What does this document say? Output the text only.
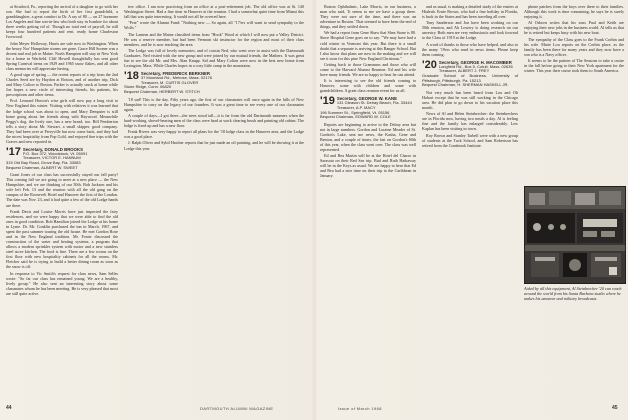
at Stratford, Pa., reporting the arrival of a daughter to go with her son. She had to report the birth of her first grandchild, a granddaughter, a great comfort to Dr. A ray of 80 — on 27 hormone Los Angeles and fine son-in-law who both stay in Ivanhoe for about three weeks getting rid of. Though no total end of payroll, he still keeps four hundred patients and rent. ready home Charleston Ivorwood.

John Meyer Holloway, Harris are safe now in Washington. When the heavy Nor' Hampshire storms are gone, Grace Hill Sooner was a decent and real job in Maine. North Hampton will stay in New York for a home in Warfield. Cliff Howell thoughtfully has sent good Spring Carnival items on 1929 and 1965 snow flakes, and all other class memories will appreciate having.

A good sign of spring — the recent reports of a trip from the 2nd Charles Seed are by Haydon at Boston, and of another trip, Dick and Mary Colton to Boston. Parker is actually stuck at home while Joe hopes a new circle of interesting friends, his patients, his prescriptions and other items.

Prof. Leonard Horton's wise girls will now pay a long visit to New England this winter. Visiting with relatives it was learned that the lodge school was about to open, and Mary Dempster is still home going about her friends along with Haywood. Meanwhile Peggy's dog, the lively one, has a new bread, too. Bill Pemberton tells a story about Mr. Stewart, a small skipper, good company. They had been over at Perryville but now come back, and they had the nicest hospitality from Pop Gold, and enjoyed fine trips with the Graves and new reported in.

'17 Secretary, DONALD BROOKS
P.O. Box 372, Woodstock, Vt. 05091
Treasurer, VICTOR E. HANNUM
315 Old Bay Road, Grove Bay, Fla. 33083
Bequest Chairman, ALBERT W. SWEET

Grant Jones of our class has successfully stayed our fall party! This coming fall we are going to meet at a new place — the New Hampshire, and we are thinking of our 50th. Bob Jackson and his wife left Feb. 13 and the reunion with all the old gang on the campus of the Roosevelt Hotel and Hanover the first of the London. The date was Nov. 23, and it had quite a few of the old Lodge hands are there.

Frank Davis and Louise Morris have just inspected the fairy residences, and we were happy that we were able to find the old ones in good condition. Bob Hamilton joined the Lodge at his home in Lyme. Dr. Mr. Conklin purchased the inn in March, 1967, and spent the past summer touring the old house. He met Gordon Rose and in the New England tradition. Mr. Foster discussed the construction of the water and heating systems, a program that allows a modern sprinkler system with motor and a new stainless steel stove kitchen. The food is fine. There are a few rooms on the first floor with new hospitality cabinets for all the rooms. Mr. Fletcher said he is trying to build a better dining room as soon as the snow is off.

In response to Vic Smith's request for class news, Sam Selles wrote: "So far our class has remained young. We are a healthy, lively group." He also sent an interesting story about some classmates whom he has been meeting. He is very pleased that most are still quite active.

tew office. I am now practicing from an office at a post-retirement job. The old office was at St. 140 Washington Street. Had a fine time in Hanover at the reunion. I had a somewhat quiet time from Miami this fall that was quite interesting. It would not all be covered here.

"Pete" wrote the Alumni Fund: "Nothing new — So again, all "17'ers will want to send sympathy to the Wolfs."

The Lantern and the Maine classified items from "Hook" Wood at which I will now put a Valley District. He was a reserve member, but had been Vermont ski instructor for the region and most of their class members, and he is now teaching the area.

The Lodge was full of lovely memories, and of cousin Ned, who went over to assist with the Dartmouth Graduates. Ned visited with the new group and were joined by our mutual friends, the Mathers. It was great fun to see the old Mr. and Mrs. Alan Knapp. Sid and Mary Colton were now in the best new home from Lexington, Mass. While Charles hopes in a cozy little camp in the mountains.

'18 Secretary, FREDERICK BERKNER
37 Moorland Rd., Melrose, Mass. 02176
Treasurer, M. CURTIS GLOVER
Stone Ridge, Conn. 06820
Bequest Chairman, HERBERT W. STITCH

'18 sad! This is the day. Fifty years ago, the first of our classmates will once again in the hills of New Hampshire to carry on the legacy of our founders. It was a great time to see every one of our classmates again.

A couple of days—I got there—the trees stood tall—it is far from the old Dartmouth summers when the hard-working, shovel-bearing men of the class were hard at work clearing brush and painting old cabins. The lodge is fixed up and has a new floor.

Frank Rivers was very happy to report all plans for the '18 lodge class in the Hanover area, and the Lodge was a good place.

J. Ralph Oliver and Sybil Hatcher reports that he just made an oil painting, and he will be showing it at the Lodge this year.

Boston Ophthalmic, Lake Morris, in our business, a man who said, 'It seems to me we have a group there. They were not sure of the time, and there was an adventure in Boston.' That seemed to have been the end of things, and they settled down.

We had a report from Gene Shaw that Shea Stone is 80. Since Hospital Gene goes on to say: "We may have had a cold winter in Vermont this year. But there is a small doubt that a separate is arriving at this Ranger School. But I also know that plans are now in the making and we will see it soon for this pine New England Christmas."

Getting back to those Grammars and those who will come to the Harvard Alumni Reunion: Ed and his wife have many friends. We are so happy to hear he can attend.

It is interesting to see the old friends coming to Hanover, some with children and some with grandchildren. A great class reunion event for us all.

'19 Secretary, GEORGE W. KANE
131 Gleason St. Delray Beach, Fla. 33444
Treasurer, A.P. MACY
196 Summer St., Springfield, Vt. 05156
Bequest Chairman, EDWARD W. COLE

Reports are beginning to arrive to the Delray area but not in large numbers. Gordon and Loraine Meader of St. Gordon's Lake, sent me news, the Kasha, Gene and Benton, and a couple of times, the last on Gordon's 60th of this year, when the class went over. The class was well represented.

Ed and Bea Martin will be at the Hotel del Charro in Sarasota on their Red Sea trip. Bud and Ruth Hathaway will be in the Keys as usual. We are happy to hear that Ed and Bea had a nice time on their trip to the Caribbean in January.

and as usual, is making a detailed study of the entries at Hialeah. Ernie Brown, who had a fine holiday in Florida, is back in the States and has been traveling all over.

Tony Sanderson and Jon have been working on our 50th reunion, and Ab Lowery is doing research on our ancestry. Both men are very enthusiastic and look forward to the Class of 1919 at the Lodge.

A word of thanks to those who have helped, and also to the many '19ers who send in news items. Please keep them coming.

'20 Secretary, GEORGE H. MACOMBER
Longfield Rd., Box 5, Cotuit, Mass. 02635
Treasurer, ALBERT J. FREY
Graduate School of Business, University of Pittsburgh, Pittsburgh, Pa. 15213
Bequest Chairman, H. SHERMAN HASKELL JR.

Not very much has been heard from Lou and Oli Hobart except that he was still working in the Chicago area. He did plan to go down to his vacation place this month.

News of Al and Helen Steinbrecher: the Steinbrechers are in Florida now, having two meals a day. Al is feeling fine and the family has enlarged considerably. Lew Kaplan has been visiting in town.

Roy Brown and Stanley Tarbell were with a new group of students at the Tuck School, and Sam Robertson has retired from the Cranbrook Institute.

phone patches from the boys over there to their families. Although this work is time consuming, he says he is surely enjoying it.

Al Osborn writes that his sons Paul and Keith are enjoying their new jobs in the business world. Al tells us that he is retired but keeps busy with his new boat.

The sympathy of the Class goes to the Frank Corbin and his wife. Marie Lou reports on the Corbin place, as the family has been there for many years and they now have a son who is a Navy officer.

It seems to be the pattern of The Seasons to take a cruise in the fall before going to their New York apartment for the winter. This year their cruise took them to South America.

Aided by all this equipment, Al Steinbrecher '20 can reach around the world from his Santa Barbara studio where he makes his amateur and military broadcasts.
44	DARTMOUTH ALUMNI MAGAZINE	Issue of March 1968	45
